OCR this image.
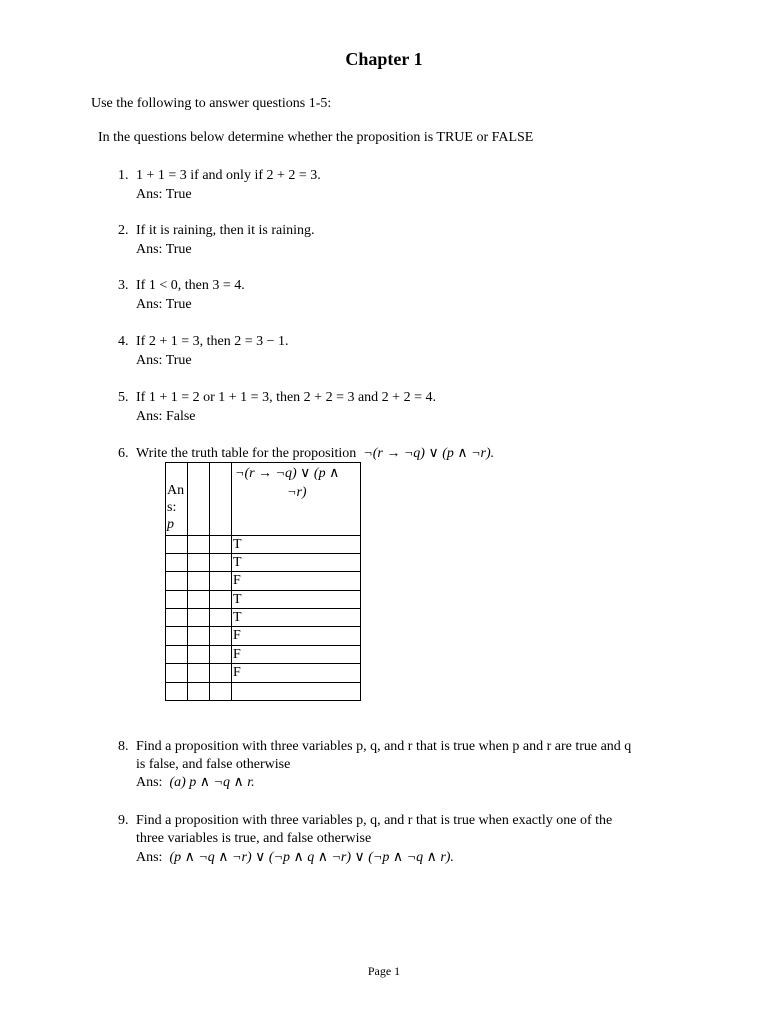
Chapter 1
Use the following to answer questions 1-5:
In the questions below determine whether the proposition is TRUE or FALSE
1. 1 + 1 = 3 if and only if 2 + 2 = 3.
Ans: True
2. If it is raining, then it is raining.
Ans: True
3. If 1 < 0, then 3 = 4.
Ans: True
4. If 2 + 1 = 3, then 2 = 3 − 1.
Ans: True
5. If 1 + 1 = 2 or 1 + 1 = 3, then 2 + 2 = 3 and 2 + 2 = 4.
Ans: False
6. Write the truth table for the proposition ¬(r → ¬q) ∨ (p ∧ ¬r).
¬(r → ¬q) ∨ (p ∧
¬r)
An
s:
p
T
T
F
T
T
F
F
F
8. Find a proposition with three variables p, q, and r that is true when p and r are true and q
is false, and false otherwise
Ans: (a) p ∧ ¬q ∧ r.
9. Find a proposition with three variables p, q, and r that is true when exactly one of the
three variables is true, and false otherwise
Ans: (p ∧ ¬q ∧ ¬r) ∨ (¬p ∧ q ∧ ¬r) ∨ (¬p ∧ ¬q ∧ r).
Page 1
